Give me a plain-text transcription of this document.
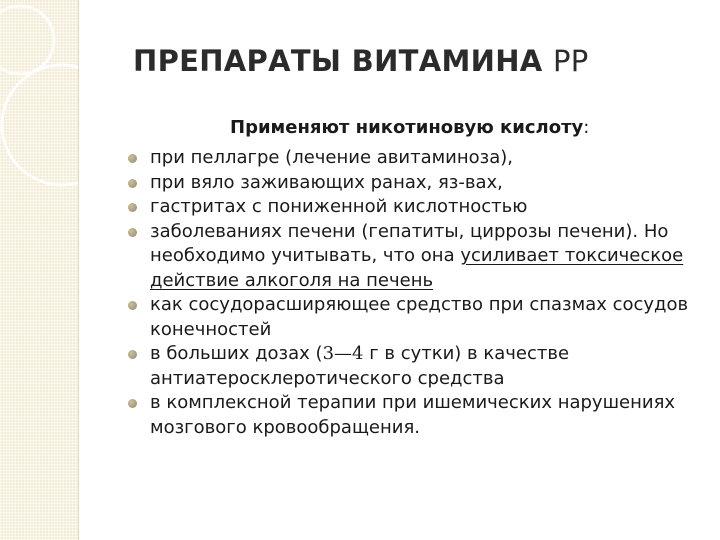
ПРЕПАРАТЫ ВИТАМИНА РР
Применяют никотиновую кислоту:
при пеллагре (лечение авитаминоза),
при вяло заживающих ранах, яз-вах,
гастритах с пониженной кислотностью
заболеваниях печени (гепатиты, циррозы печени). Но необходимо учитывать, что она усиливает токсическое действие алкоголя на печень
как сосудорасширяющее средство при спазмах сосудов конечностей
в больших дозах (3—4 г в сутки) в качестве антиатеросклеротического средства
в комплексной терапии при ишемических нарушениях мозгового кровообращения.
